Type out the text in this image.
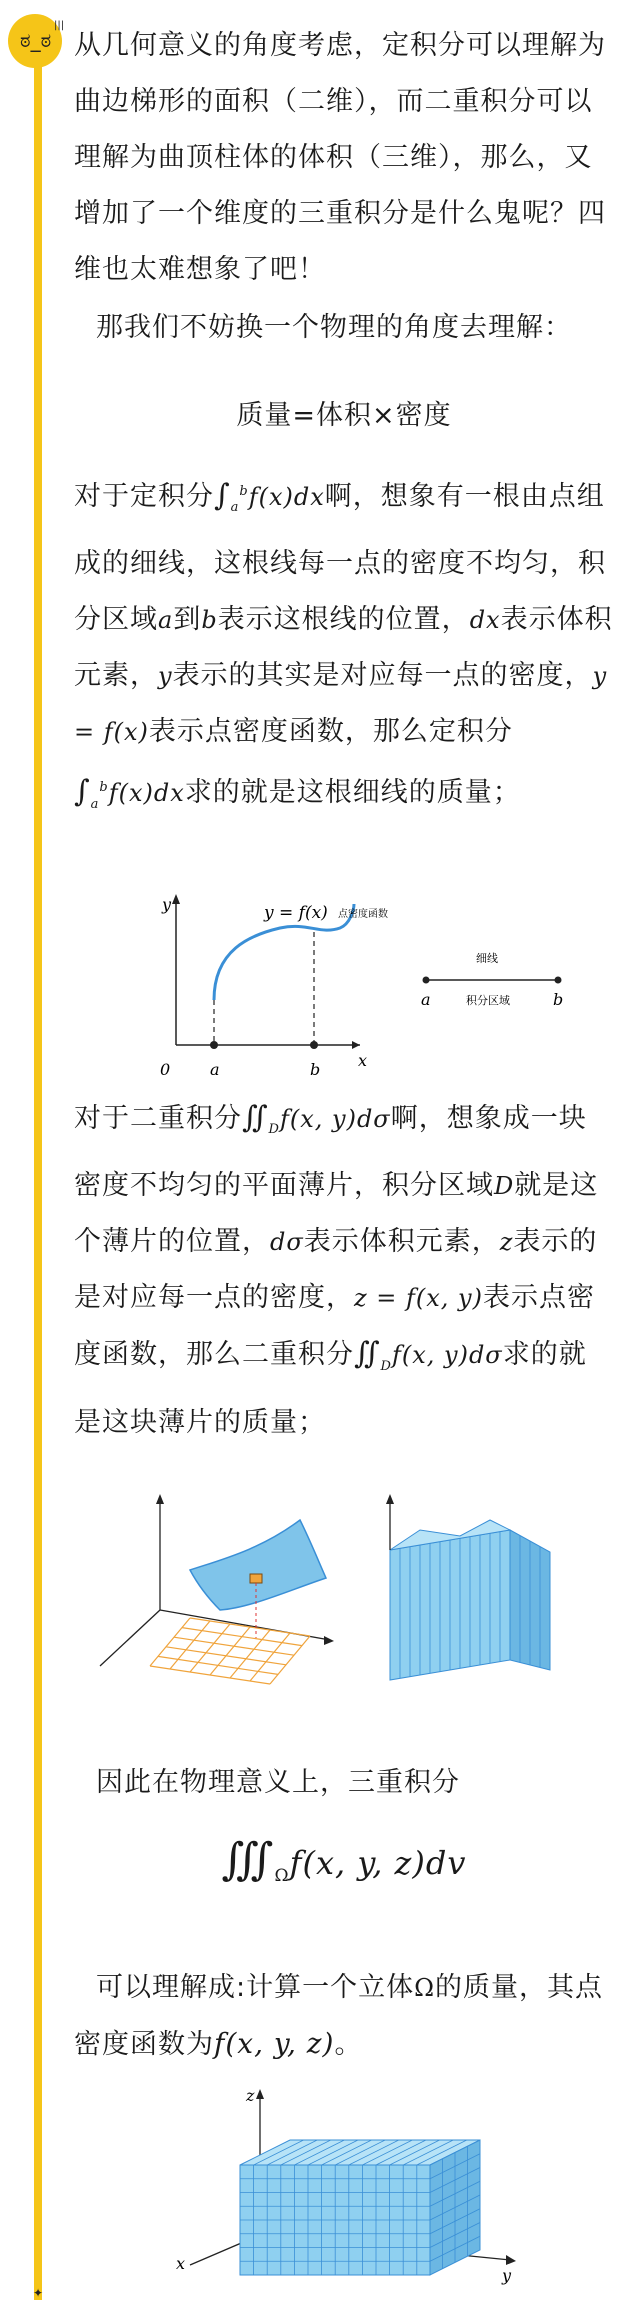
ಠ_ಠ
|||
✦
从几何意义的角度考虑，定积分可以理解为曲边梯形的面积（二维），而二重积分可以理解为曲顶柱体的体积（三维），那么，又增加了一个维度的三重积分是什么鬼呢？四维也太难想象了吧！
那我们不妨换一个物理的角度去理解：
质量=体积×密度
对于定积分$\int_a^bf(x)dx$啊，想象有一根由点组成的细线，这根线每一点的密度不均匀，积分区域a到b表示这根线的位置，dx表示体积元素，y表示的其实是对应每一点的密度，y = f(x)表示点密度函数，那么定积分$\int_a^bf(x)dx$求的就是这根细线的质量；
y
x
0 a	b
y = f(x) 点密度函数
细线
积分区域
a	b
对于二重积分$∬_Df(x$, y)dσ啊，想象成一块密度不均匀的平面薄片，积分区域D就是这个薄片的位置，dσ表示体积元素，z表示的是对应每一点的密度，z = f(x, y)表示点密度函数，那么二重积分$∬_Df(x$, y)dσ求的就是这块薄片的质量；
因此在物理意义上，三重积分
$∭_\Omega f(x$, y, z)dv
可以理解成:计算一个立体Ω的质量，其点密度函数为f(x, y, z)。
z
x
y
